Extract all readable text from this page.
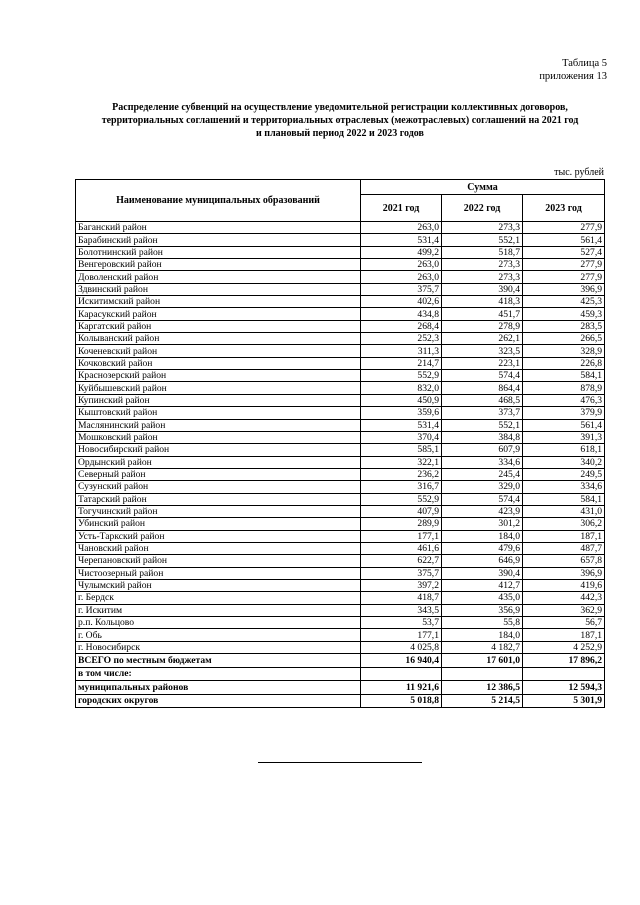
Таблица 5
приложения 13
Распределение субвенций на осуществление уведомительной регистрации коллективных договоров,
территориальных соглашений и территориальных отраслевых (межотраслевых) соглашений на 2021 год
и плановый период 2022 и 2023 годов
тыс. рублей
Наименование муниципальных образований	Сумма		
	2021 год	2022 год	2023 год
Баганский район	263,0	273,3	277,9
Барабинский район	531,4	552,1	561,4
Болотнинский район	499,2	518,7	527,4
Венгеровский район	263,0	273,3	277,9
Доволенский район	263,0	273,3	277,9
Здвинский район	375,7	390,4	396,9
Искитимский район	402,6	418,3	425,3
Карасукский район	434,8	451,7	459,3
Каргатский район	268,4	278,9	283,5
Колыванский район	252,3	262,1	266,5
Коченевский район	311,3	323,5	328,9
Кочковский район	214,7	223,1	226,8
Краснозерский район	552,9	574,4	584,1
Куйбышевский район	832,0	864,4	878,9
Купинский район	450,9	468,5	476,3
Кыштовский район	359,6	373,7	379,9
Маслянинский район	531,4	552,1	561,4
Мошковский район	370,4	384,8	391,3
Новосибирский район	585,1	607,9	618,1
Ордынский район	322,1	334,6	340,2
Северный район	236,2	245,4	249,5
Сузунский район	316,7	329,0	334,6
Татарский район	552,9	574,4	584,1
Тогучинский район	407,9	423,9	431,0
Убинский район	289,9	301,2	306,2
Усть-Таркский район	177,1	184,0	187,1
Чановский район	461,6	479,6	487,7
Черепановский район	622,7	646,9	657,8
Чистоозерный район	375,7	390,4	396,9
Чулымский район	397,2	412,7	419,6
г. Бердск	418,7	435,0	442,3
г. Искитим	343,5	356,9	362,9
р.п. Кольцово	53,7	55,8	56,7
г. Обь	177,1	184,0	187,1
г. Новосибирск	4 025,8	4 182,7	4 252,9
ВСЕГО по местным бюджетам	16 940,4	17 601,0	17 896,2
в том числе:			
муниципальных районов	11 921,6	12 386,5	12 594,3
городских округов	5 018,8	5 214,5	5 301,9
